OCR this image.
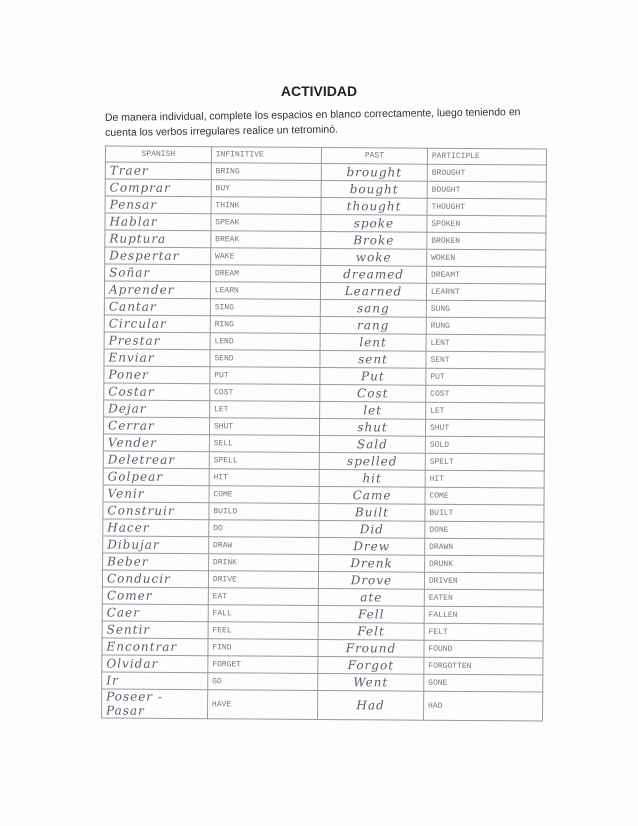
ACTIVIDAD
De manera individual, complete los espacios en blanco correctamente, luego teniendo en cuenta los verbos irregulares realice un tetrominó.
SPANISH	INFINITIVE	PAST	PARTICIPLE
Traer	BRING	brought	BROUGHT
Comprar	BUY	bought	BOUGHT
Pensar	THINK	thought	THOUGHT
Hablar	SPEAK	spoke	SPOKEN
Ruptura	BREAK	Broke	BROKEN
Despertar	WAKE	woke	WOKEN
Soñar	DREAM	dreamed	DREAMT
Aprender	LEARN	Learned	LEARNT
Cantar	SING	sang	SUNG
Circular	RING	rang	RUNG
Prestar	LEND	lent	LENT
Enviar	SEND	sent	SENT
Poner	PUT	Put	PUT
Costar	COST	Cost	COST
Dejar	LET	let	LET
Cerrar	SHUT	shut	SHUT
Vender	SELL	Sald	SOLD
Deletrear	SPELL	spelled	SPELT
Golpear	HIT	hit	HIT
Venir	COME	Came	COME
Construir	BUILD	Built	BUILT
Hacer	DO	Did	DONE
Dibujar	DRAW	Drew	DRAWN
Beber	DRINK	Drenk	DRUNK
Conducir	DRIVE	Drove	DRIVEN
Comer	EAT	ate	EATEN
Caer	FALL	Fell	FALLEN
Sentir	FEEL	Felt	FELT
Encontrar	FIND	Fround	FOUND
Olvidar	FORGET	Forgot	FORGOTTEN
Ir	GO	Went	GONE
Poseer - Pasar	HAVE	Had	HAD
